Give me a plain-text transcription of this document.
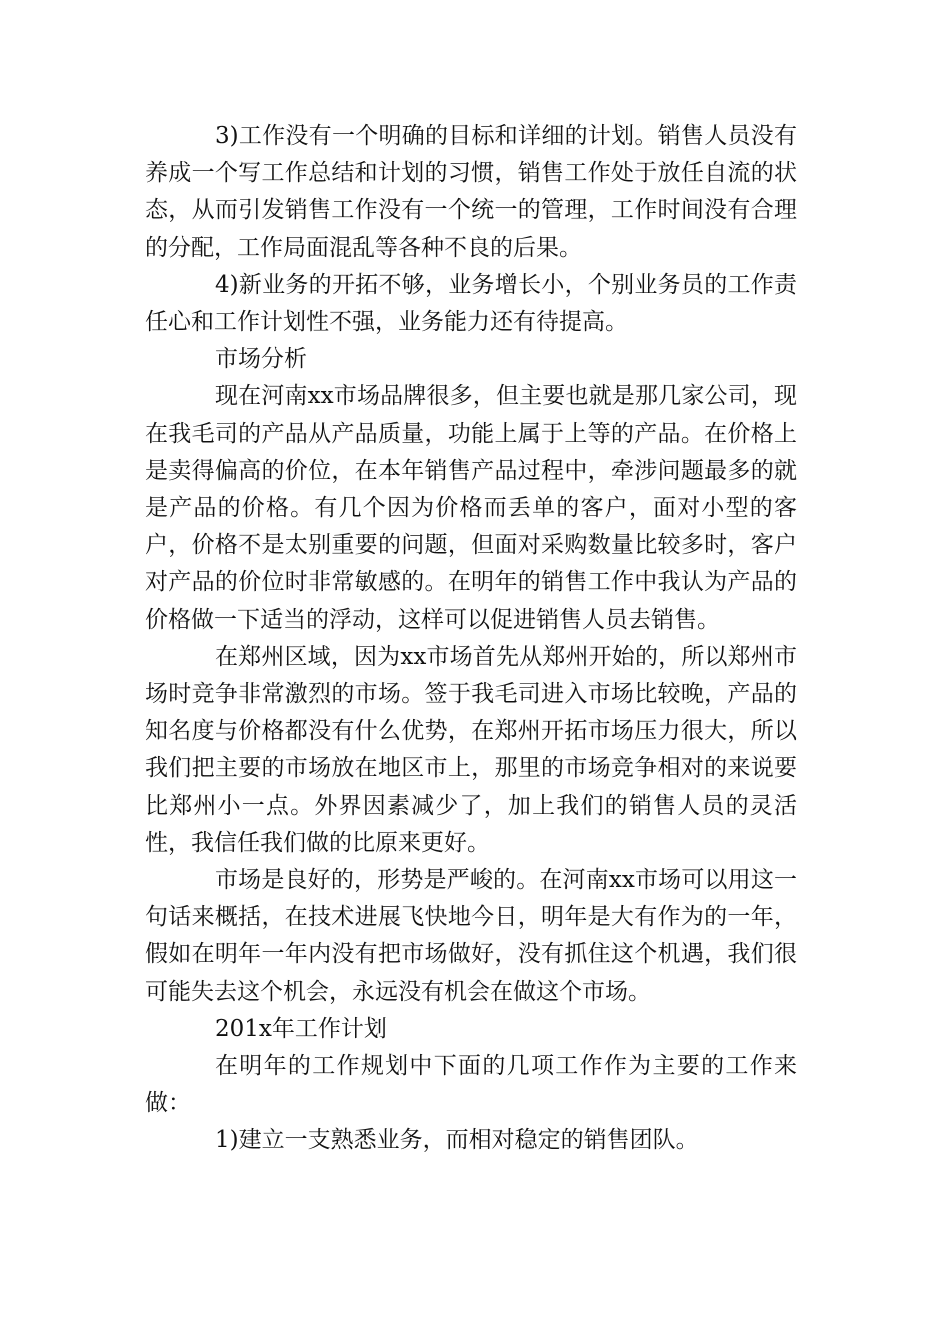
3)工作没有一个明确的目标和详细的计划。销售人员没有养成一个写工作总结和计划的习惯，销售工作处于放任自流的状态，从而引发销售工作没有一个统一的管理，工作时间没有合理的分配，工作局面混乱等各种不良的后果。

4)新业务的开拓不够，业务增长小，个别业务员的工作责任心和工作计划性不强，业务能力还有待提高。

市场分析

现在河南xx市场品牌很多，但主要也就是那几家公司，现在我毛司的产品从产品质量，功能上属于上等的产品。在价格上是卖得偏高的价位，在本年销售产品过程中，牵涉问题最多的就是产品的价格。有几个因为价格而丢单的客户，面对小型的客户，价格不是太别重要的问题，但面对采购数量比较多时，客户对产品的价位时非常敏感的。在明年的销售工作中我认为产品的价格做一下适当的浮动，这样可以促进销售人员去销售。

在郑州区域，因为xx市场首先从郑州开始的，所以郑州市场时竞争非常激烈的市场。签于我毛司进入市场比较晚，产品的知名度与价格都没有什么优势，在郑州开拓市场压力很大，所以我们把主要的市场放在地区市上，那里的市场竞争相对的来说要比郑州小一点。外界因素减少了，加上我们的销售人员的灵活性，我信任我们做的比原来更好。

市场是良好的，形势是严峻的。在河南xx市场可以用这一句话来概括，在技术进展飞快地今日，明年是大有作为的一年，假如在明年一年内没有把市场做好，没有抓住这个机遇，我们很可能失去这个机会，永远没有机会在做这个市场。

201x年工作计划

在明年的工作规划中下面的几项工作作为主要的工作来做：

1)建立一支熟悉业务，而相对稳定的销售团队。
